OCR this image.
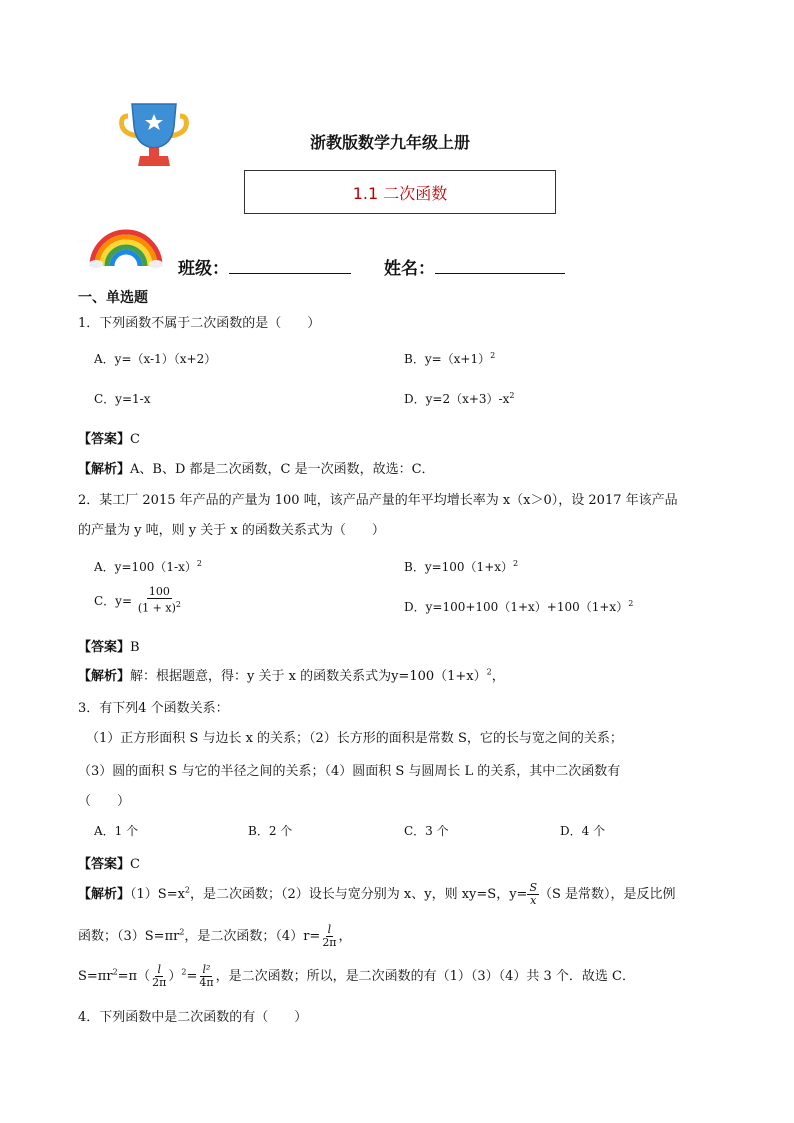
浙教版数学九年级上册
1.1 二次函数
班级：	姓名：
一、单选题
1．下列函数不属于二次函数的是（　　）
A．y=（x-1）（x+2）	B．$y=(x+1)^2$
C．y=1-x	D．$y=2(x+3)-x^2$
【答案】C
【解析】A、B、D 都是二次函数，C 是一次函数，故选：C．
2．某工厂 2015 年产品的产量为 100 吨，该产品产量的年平均增长率为 x（x＞0），设 2017 年该产品
的产量为 y 吨，则 y 关于 x 的函数关系式为（　　）
A．$y=100(1-x)^2$	B．$y=100(1+x)^2$
C．$y= \frac{100}{(1 + x)^2}$	D．$y=100+100(1+x)+100(1+x)^2$
【答案】B
【解析】解：根据题意，得：y 关于 x 的函数关系式为$y=100(1+x)^2$，
3．有下列4 个函数关系：
（1）正方形面积 S 与边长 x 的关系；（2）长方形的面积是常数 S，它的长与宽之间的关系；
（3）圆的面积 S 与它的半径之间的关系；（4）圆面积 S 与圆周长 L 的关系，其中二次函数有
（　　）
A．1 个	B．2 个	C．3 个	D．4 个
【答案】C
【解析】$(1)S=x^2$，是二次函数；（2）设长与宽分别为 x、y，则 xy=S，$y= \frac{S}{x} (S$ 是常数），是反比例
函数；$(3)S=\pi r^2$，是二次函数；$(4)r= \frac{l}{2\pi}$ ，
$S=\pi r^2=\pi( \frac{l}{2\pi} )^2= \frac{\text{l²}}{4\pi}$ ，是二次函数；所以，是二次函数的有（1）（3）（4）共 3 个．故选 C．
4．下列函数中是二次函数的有（　　）
